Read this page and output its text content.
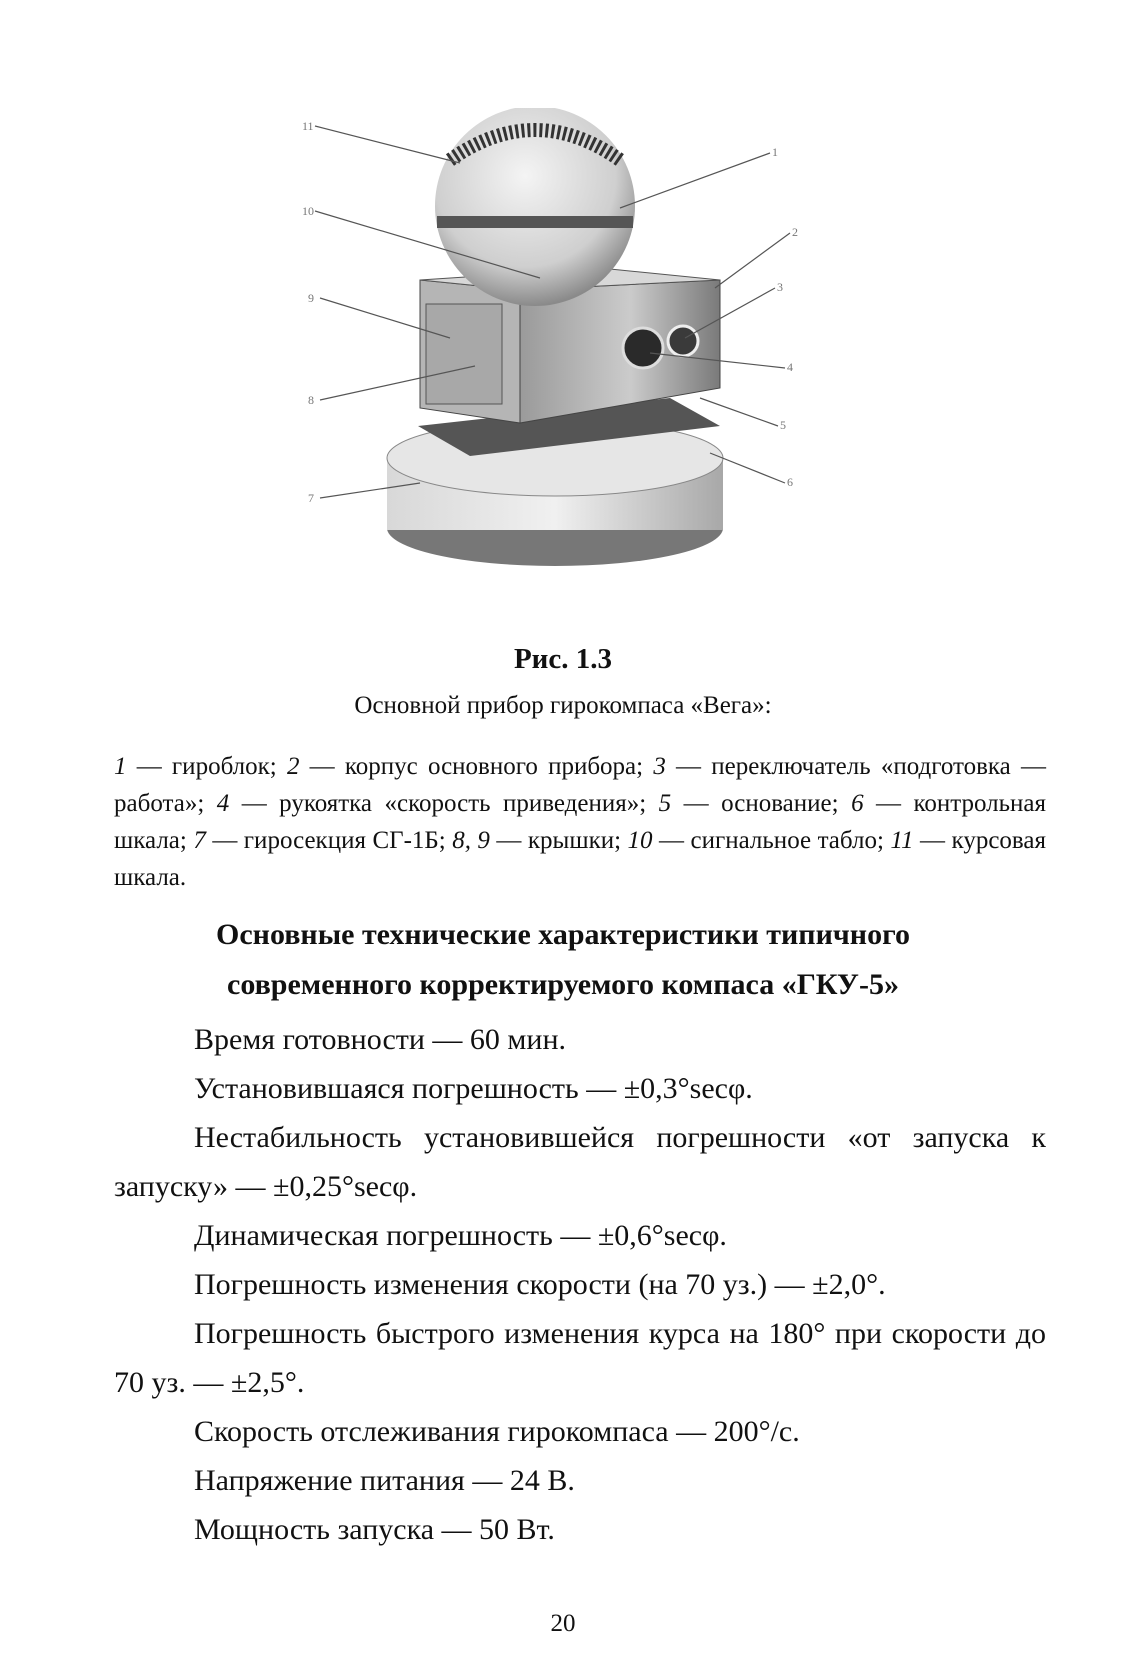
11
1
2
3
4
5
6
7
8
9
10
Рис. 1.3
Основной прибор гирокомпаса «Вега»:
1 — гироблок; 2 — корпус основного прибора; 3 — переключатель «подготовка — работа»; 4 — рукоятка «скорость приведения»; 5 — основание; 6 — контрольная шкала; 7 — гиросекция СГ-1Б; 8, 9 — крышки; 10 — сигнальное табло; 11 — курсовая шкала.
Основные технические характеристики типичного
современного корректируемого компаса «ГКУ-5»

Время готовности — 60 мин.

Установившаяся погрешность — ±0,3°secφ.

Нестабильность установившейся погрешности «от запуска к запуску» — ±0,25°secφ.

Динамическая погрешность — ±0,6°secφ.

Погрешность изменения скорости (на 70 уз.) — ±2,0°.

Погрешность быстрого изменения курса на 180° при скорости до 70 уз. — ±2,5°.

Скорость отслеживания гирокомпаса — 200°/с.

Напряжение питания — 24 В.

Мощность запуска — 50 Вт.

20
